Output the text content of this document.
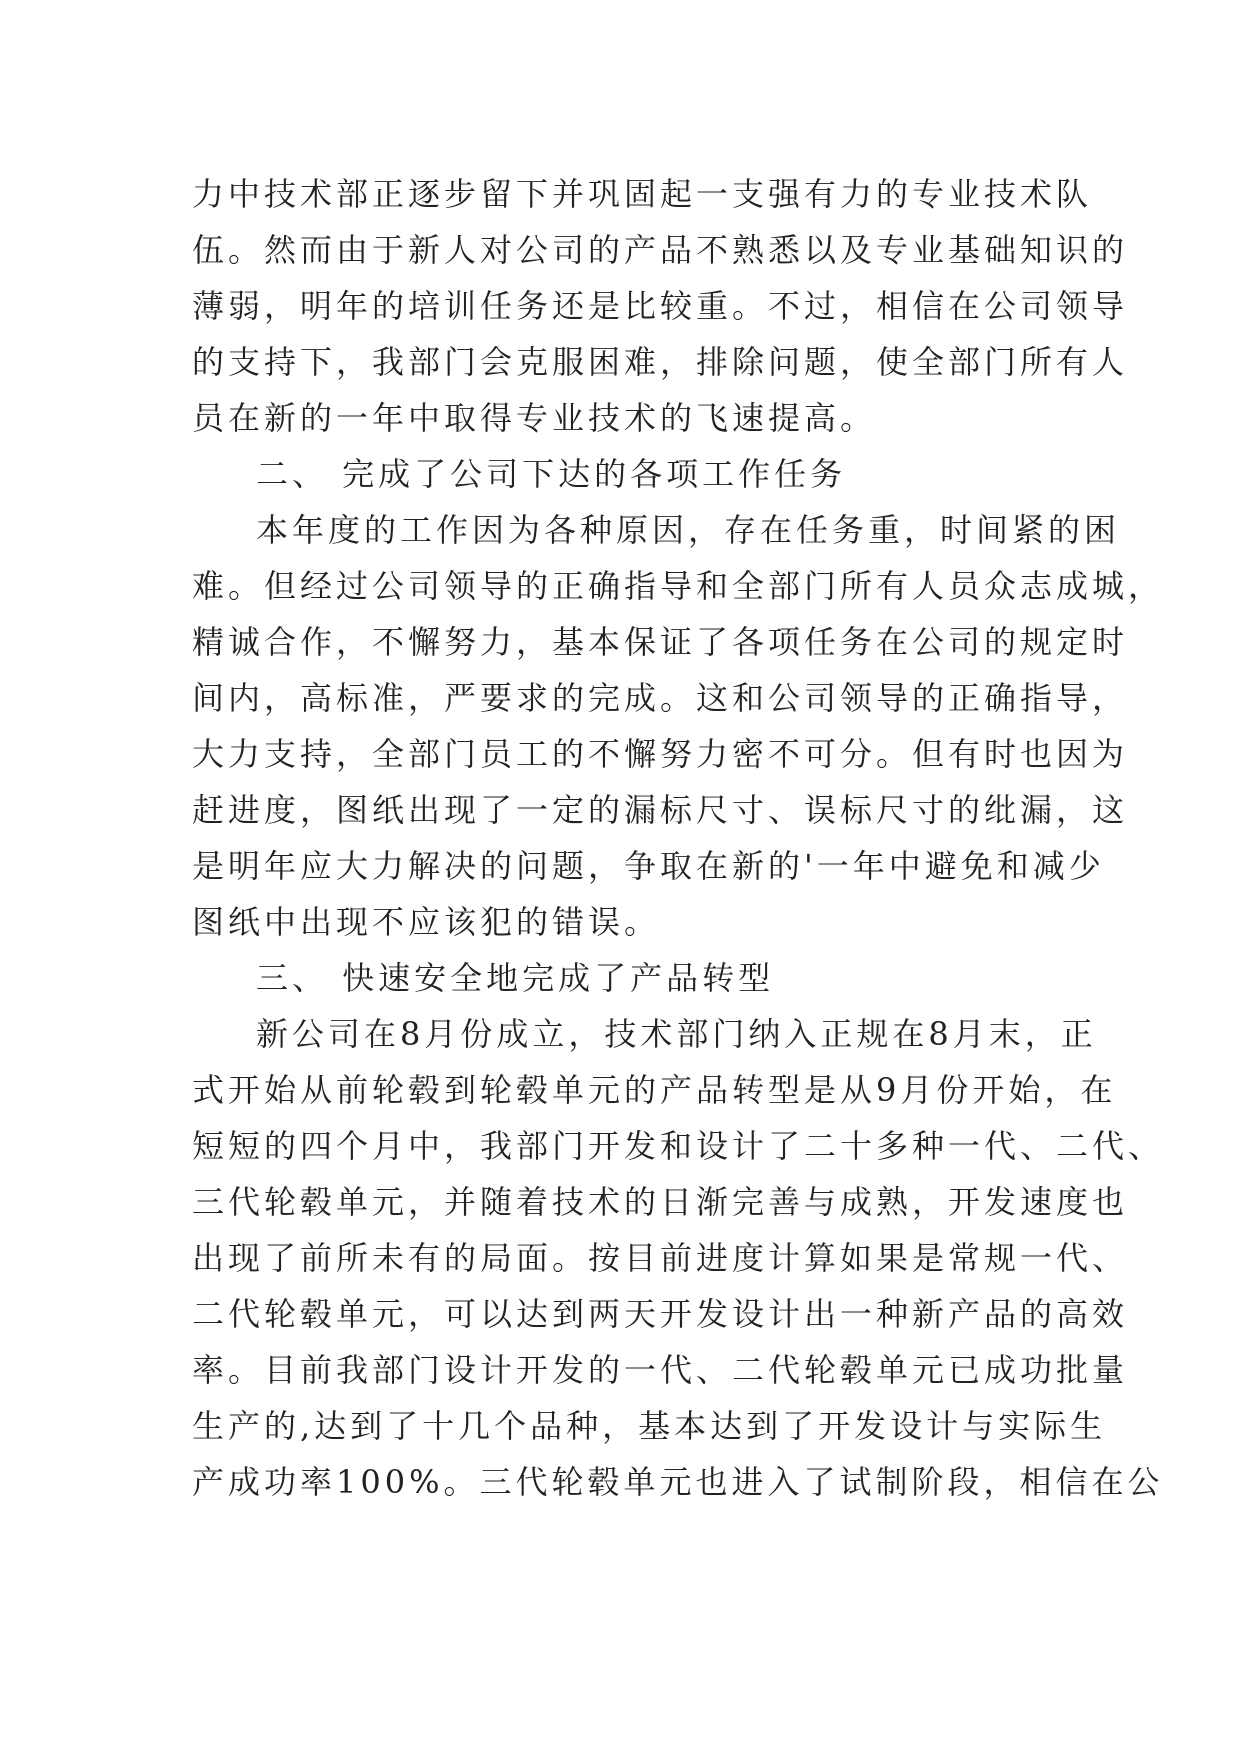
力中技术部正逐步留下并巩固起一支强有力的专业技术队
伍。然而由于新人对公司的产品不熟悉以及专业基础知识的
薄弱，明年的培训任务还是比较重。不过，相信在公司领导
的支持下，我部门会克服困难，排除问题，使全部门所有人
员在新的一年中取得专业技术的飞速提高。
二、 完成了公司下达的各项工作任务
本年度的工作因为各种原因，存在任务重，时间紧的困
难。但经过公司领导的正确指导和全部门所有人员众志成城，
精诚合作，不懈努力，基本保证了各项任务在公司的规定时
间内，高标准，严要求的完成。这和公司领导的正确指导，
大力支持，全部门员工的不懈努力密不可分。但有时也因为
赶进度，图纸出现了一定的漏标尺寸、误标尺寸的纰漏，这
是明年应大力解决的问题，争取在新的'一年中避免和减少
图纸中出现不应该犯的错误。
三、 快速安全地完成了产品转型
新公司在8月份成立，技术部门纳入正规在8月末，正
式开始从前轮毂到轮毂单元的产品转型是从9月份开始，在
短短的四个月中，我部门开发和设计了二十多种一代、二代、
三代轮毂单元，并随着技术的日渐完善与成熟，开发速度也
出现了前所未有的局面。按目前进度计算如果是常规一代、
二代轮毂单元，可以达到两天开发设计出一种新产品的高效
率。目前我部门设计开发的一代、二代轮毂单元已成功批量
生产的,达到了十几个品种，基本达到了开发设计与实际生
产成功率100%。三代轮毂单元也进入了试制阶段，相信在公
